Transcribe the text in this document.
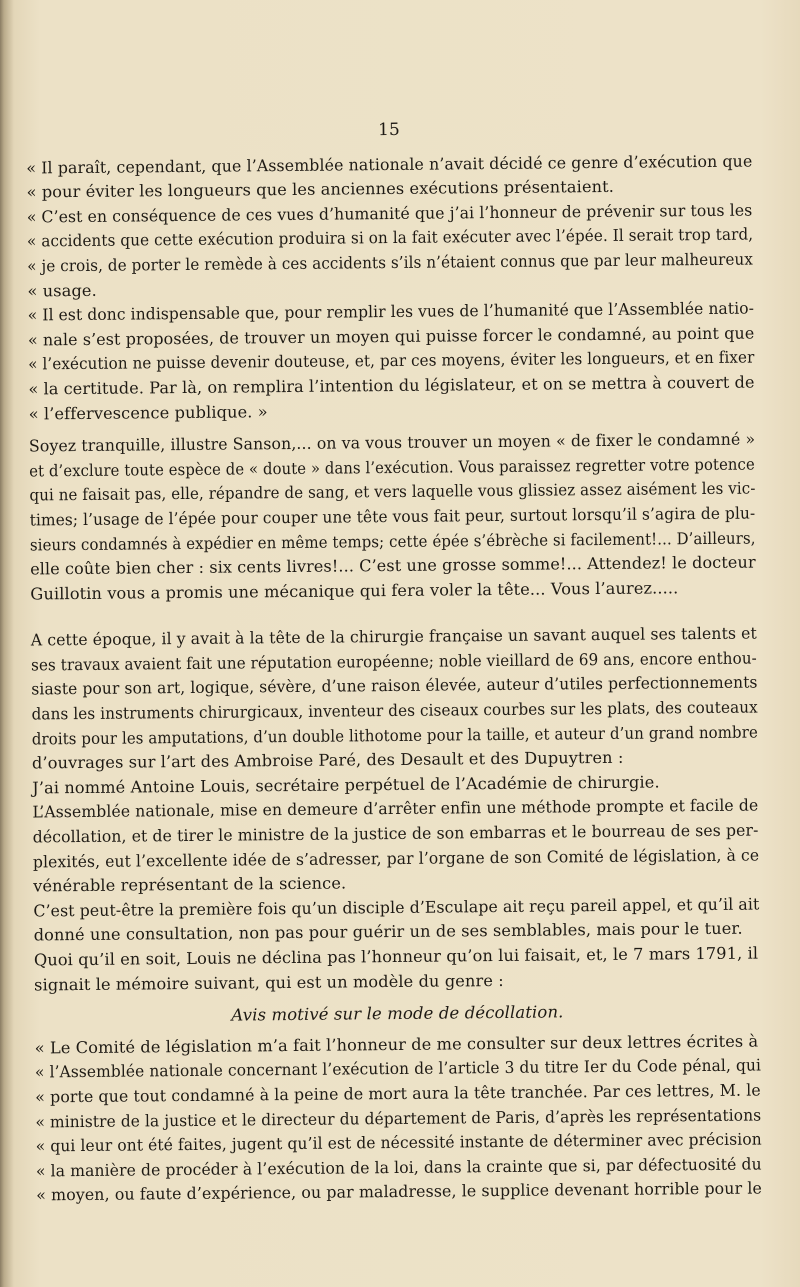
15
« Il paraît, cependant, que l’Assemblée nationale n’avait décidé ce genre d’exécution que
« pour éviter les longueurs que les anciennes exécutions présentaient.
« C’est en conséquence de ces vues d’humanité que j’ai l’honneur de prévenir sur tous les
« accidents que cette exécution produira si on la fait exécuter avec l’épée. Il serait trop tard,
« je crois, de porter le remède à ces accidents s’ils n’étaient connus que par leur malheureux
« usage.
« Il est donc indispensable que, pour remplir les vues de l’humanité que l’Assemblée natio-
« nale s’est proposées, de trouver un moyen qui puisse forcer le condamné, au point que
« l’exécution ne puisse devenir douteuse, et, par ces moyens, éviter les longueurs, et en fixer
« la certitude. Par là, on remplira l’intention du législateur, et on se mettra à couvert de
« l’effervescence publique. »
Soyez tranquille, illustre Sanson,... on va vous trouver un moyen « de fixer le condamné »
et d’exclure toute espèce de « doute » dans l’exécution. Vous paraissez regretter votre potence
qui ne faisait pas, elle, répandre de sang, et vers laquelle vous glissiez assez aisément les vic-
times; l’usage de l’épée pour couper une tête vous fait peur, surtout lorsqu’il s’agira de plu-
sieurs condamnés à expédier en même temps; cette épée s’ébrèche si facilement!... D’ailleurs,
elle coûte bien cher : six cents livres!... C’est une grosse somme!... Attendez! le docteur
Guillotin vous a promis une mécanique qui fera voler la tête... Vous l’aurez.....
A cette époque, il y avait à la tête de la chirurgie française un savant auquel ses talents et
ses travaux avaient fait une réputation européenne; noble vieillard de 69 ans, encore enthou-
siaste pour son art, logique, sévère, d’une raison élevée, auteur d’utiles perfectionnements
dans les instruments chirurgicaux, inventeur des ciseaux courbes sur les plats, des couteaux
droits pour les amputations, d’un double lithotome pour la taille, et auteur d’un grand nombre
d’ouvrages sur l’art des Ambroise Paré, des Desault et des Dupuytren :
J’ai nommé Antoine Louis, secrétaire perpétuel de l’Académie de chirurgie.
L’Assemblée nationale, mise en demeure d’arrêter enfin une méthode prompte et facile de
décollation, et de tirer le ministre de la justice de son embarras et le bourreau de ses per-
plexités, eut l’excellente idée de s’adresser, par l’organe de son Comité de législation, à ce
vénérable représentant de la science.
C’est peut-être la première fois qu’un disciple d’Esculape ait reçu pareil appel, et qu’il ait
donné une consultation, non pas pour guérir un de ses semblables, mais pour le tuer.
Quoi qu’il en soit, Louis ne déclina pas l’honneur qu’on lui faisait, et, le 7 mars 1791, il
signait le mémoire suivant, qui est un modèle du genre :
Avis motivé sur le mode de décollation.
« Le Comité de législation m’a fait l’honneur de me consulter sur deux lettres écrites à
« l’Assemblée nationale concernant l’exécution de l’article 3 du titre Ier du Code pénal, qui
« porte que tout condamné à la peine de mort aura la tête tranchée. Par ces lettres, M. le
« ministre de la justice et le directeur du département de Paris, d’après les représentations
« qui leur ont été faites, jugent qu’il est de nécessité instante de déterminer avec précision
« la manière de procéder à l’exécution de la loi, dans la crainte que si, par défectuosité du
« moyen, ou faute d’expérience, ou par maladresse, le supplice devenant horrible pour le
